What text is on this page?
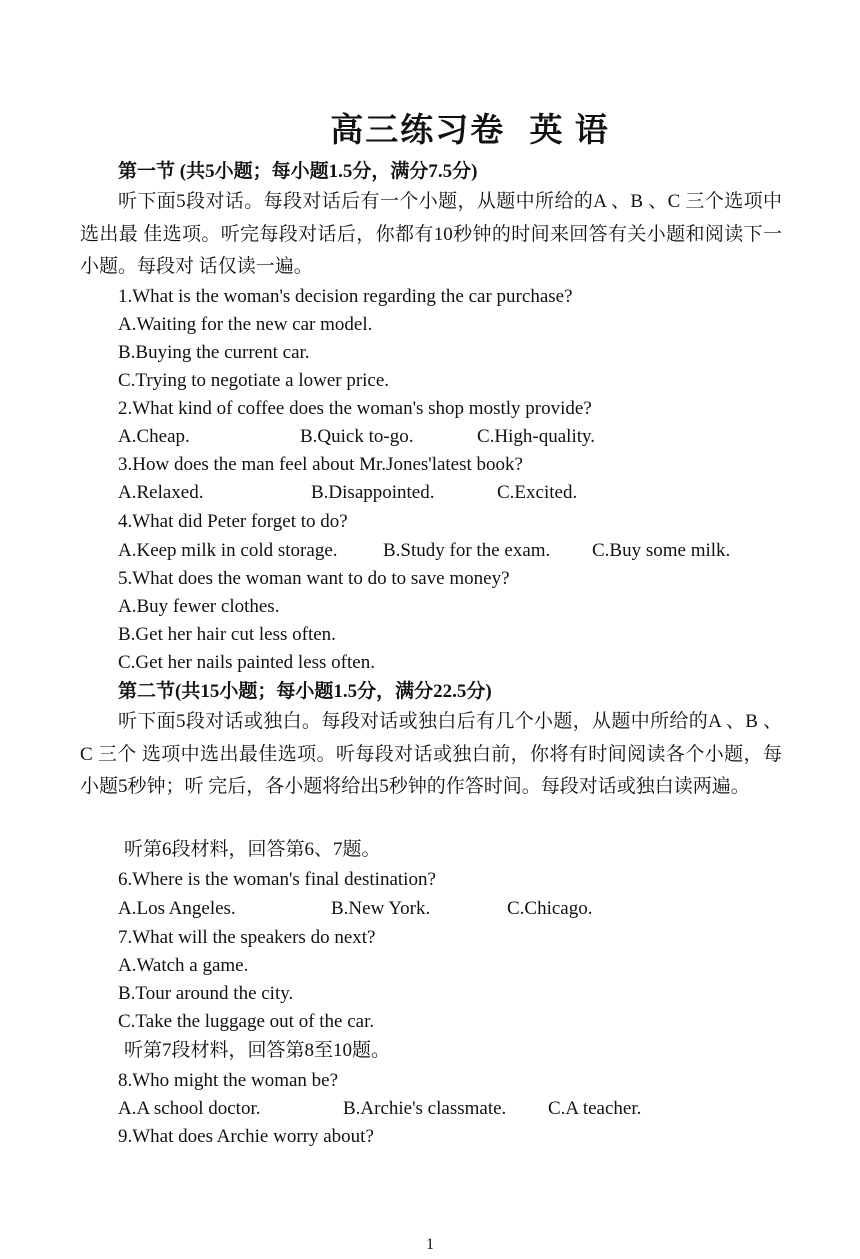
高三练习卷 英 语
第一节 (共5小题；每小题1.5分，满分7.5分)
听下面5段对话。每段对话后有一个小题，从题中所给的A 、B 、C 三个选项中选出最 佳选项。听完每段对话后，你都有10秒钟的时间来回答有关小题和阅读下一小题。每段对 话仅读一遍。
1.What is the woman's decision regarding the car purchase?
A.Waiting for the new car model.
B.Buying the current car.
C.Trying to negotiate a lower price.
2.What kind of coffee does the woman's shop mostly provide?
A.Cheap.	B.Quick to-go.	C.High-quality.
3.How does the man feel about Mr.Jones'latest book?
A.Relaxed.	B.Disappointed.	C.Excited.
4.What did Peter forget to do?
A.Keep milk in cold storage. B.Study for the exam. C.Buy some milk.
5.What does the woman want to do to save money?
A.Buy fewer clothes.
B.Get her hair cut less often.
C.Get her nails painted less often.
第二节(共15小题；每小题1.5分，满分22.5分)
听下面5段对话或独白。每段对话或独白后有几个小题，从题中所给的A 、B 、C 三个 选项中选出最佳选项。听每段对话或独白前，你将有时间阅读各个小题，每小题5秒钟；听 完后，各小题将给出5秒钟的作答时间。每段对话或独白读两遍。
听第6段材料，回答第6、7题。
6.Where is the woman's final destination?
A.Los Angeles.	B.New York.	C.Chicago.
7.What will the speakers do next?
A.Watch a game.
B.Tour around the city.
C.Take the luggage out of the car.
听第7段材料，回答第8至10题。
8.Who might the woman be?
A.A school doctor.	B.Archie's classmate. C.A teacher.
9.What does Archie worry about?
1
